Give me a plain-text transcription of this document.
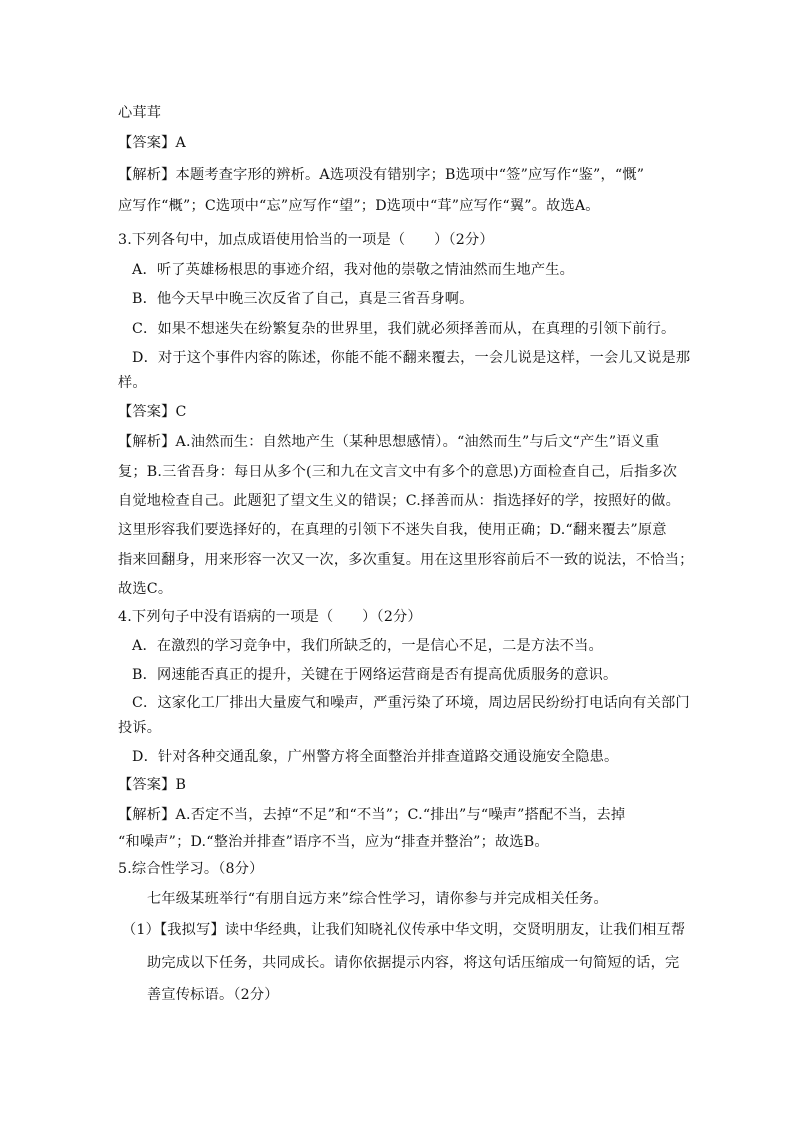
心茸茸
【答案】A
【解析】本题考查字形的辨析。A选项没有错别字；B选项中“签”应写作“鉴”，“慨”
应写作“概”；C选项中“忘”应写作“望”；D选项中“茸”应写作“翼”。故选A。
3.下列各句中，加点成语使用恰当的一项是（　　）（2分）
A．听了英雄杨根思的事迹介绍，我对他的崇敬之情油然而生地产生。
B．他今天早中晚三次反省了自己，真是三省吾身啊。
C．如果不想迷失在纷繁复杂的世界里，我们就必须择善而从，在真理的引领下前行。
D．对于这个事件内容的陈述，你能不能不翻来覆去，一会儿说是这样，一会儿又说是那
样。
【答案】C
【解析】A.油然而生：自然地产生（某种思想感情）。“油然而生”与后文“产生”语义重
复；B.三省吾身：每日从多个(三和九在文言文中有多个的意思)方面检查自己，后指多次
自觉地检查自己。此题犯了望文生义的错误；C.择善而从：指选择好的学，按照好的做。
这里形容我们要选择好的，在真理的引领下不迷失自我，使用正确；D.“翻来覆去”原意
指来回翻身，用来形容一次又一次，多次重复。用在这里形容前后不一致的说法，不恰当；
故选C。
4.下列句子中没有语病的一项是（　　）（2分）
A．在激烈的学习竞争中，我们所缺乏的，一是信心不足，二是方法不当。
B．网速能否真正的提升，关键在于网络运营商是否有提高优质服务的意识。
C．这家化工厂排出大量废气和噪声，严重污染了环境，周边居民纷纷打电话向有关部门
投诉。
D．针对各种交通乱象，广州警方将全面整治并排查道路交通设施安全隐患。
【答案】B
【解析】A.否定不当，去掉“不足”和“不当”；C.“排出”与“噪声”搭配不当，去掉
“和噪声”；D.“整治并排查”语序不当，应为“排查并整治”；故选B。
5.综合性学习。（8分）
七年级某班举行“有朋自远方来”综合性学习，请你参与并完成相关任务。
（1）【我拟写】读中华经典，让我们知晓礼仪传承中华文明，交贤明朋友，让我们相互帮
助完成以下任务，共同成长。请你依据提示内容，将这句话压缩成一句简短的话，完
善宣传标语。（2分）
